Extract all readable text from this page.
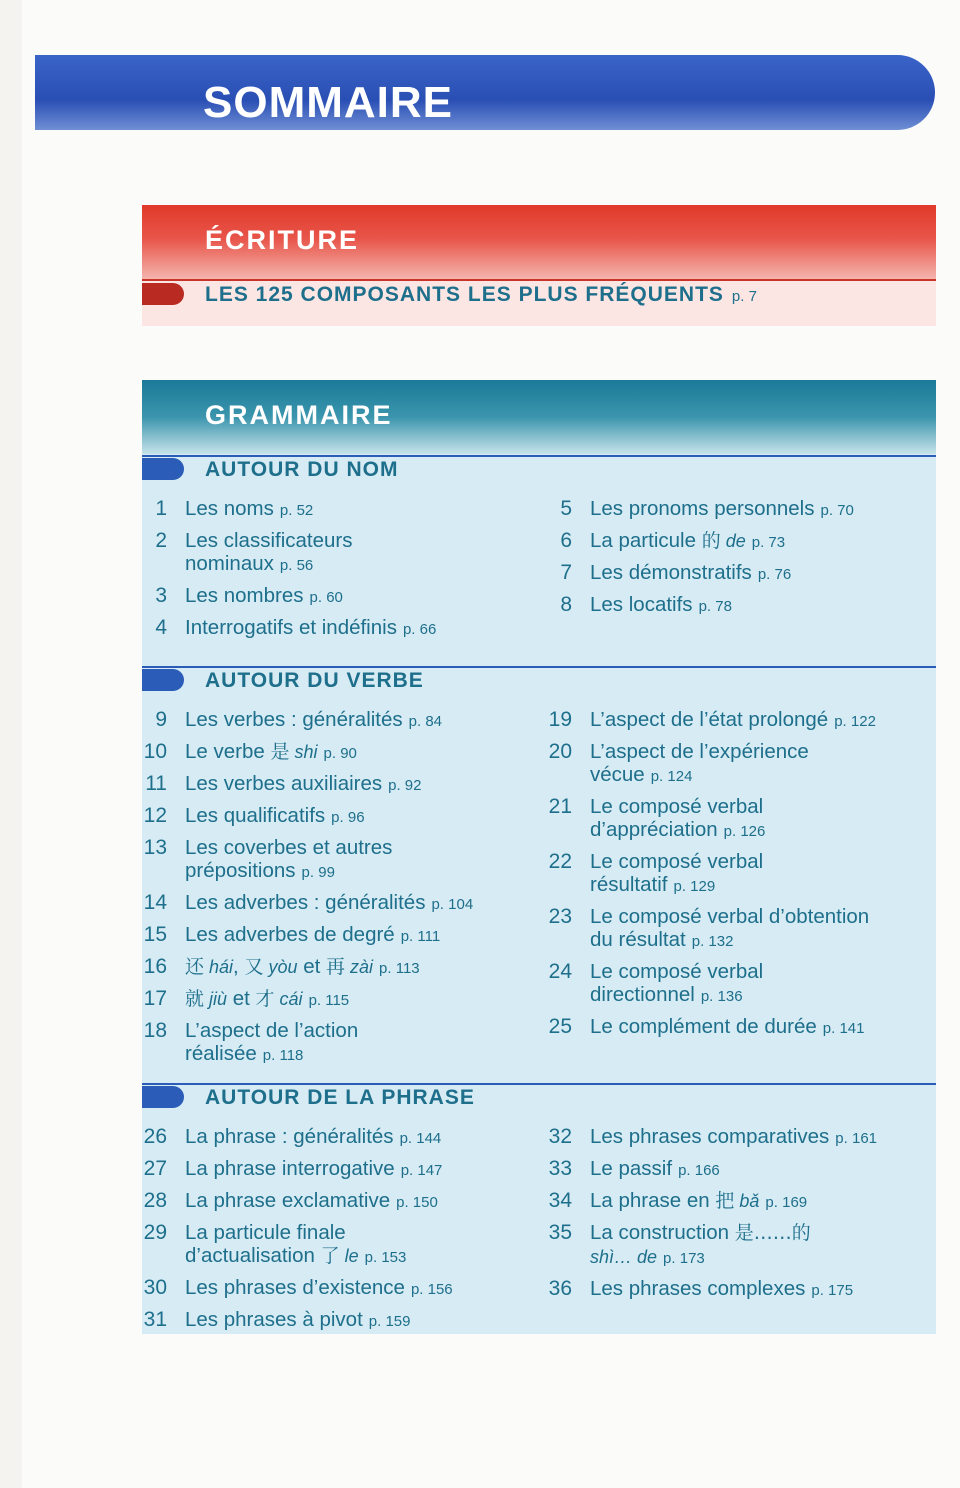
SOMMAIRE
ÉCRITURE
LES 125 COMPOSANTS LES PLUS FRÉQUENTS p. 7
GRAMMAIRE
AUTOUR DU NOM
1 Les noms p. 52
2 Les classificateurs
nominaux p. 56
3 Les nombres p. 60
4 Interrogatifs et indéfinis p. 66
5 Les pronoms personnels p. 70
6 La particule 的 de p. 73
7 Les démonstratifs p. 76
8 Les locatifs p. 78
AUTOUR DU VERBE
9 Les verbes : généralités p. 84
10 Le verbe 是 shi p. 90
11 Les verbes auxiliaires p. 92
12 Les qualificatifs p. 96
13 Les coverbes et autres
prépositions p. 99
14 Les adverbes : généralités p. 104
15 Les adverbes de degré p. 111
16 还 hái, 又 yòu et 再 zài p. 113
17 就 jiù et 才 cái p. 115
18 L’aspect de l’action
réalisée p. 118
19 L’aspect de l’état prolongé p. 122
20 L’aspect de l’expérience
vécue p. 124
21 Le composé verbal
d’appréciation p. 126
22 Le composé verbal
résultatif p. 129
23 Le composé verbal d’obtention
du résultat p. 132
24 Le composé verbal
directionnel p. 136
25 Le complément de durée p. 141
AUTOUR DE LA PHRASE
26 La phrase : généralités p. 144
27 La phrase interrogative p. 147
28 La phrase exclamative p. 150
29 La particule finale
d’actualisation 了 le p. 153
30 Les phrases d’existence p. 156
31 Les phrases à pivot p. 159
32 Les phrases comparatives p. 161
33 Le passif p. 166
34 La phrase en 把 bǎ p. 169
35 La construction 是……的
shì… de p. 173
36 Les phrases complexes p. 175
